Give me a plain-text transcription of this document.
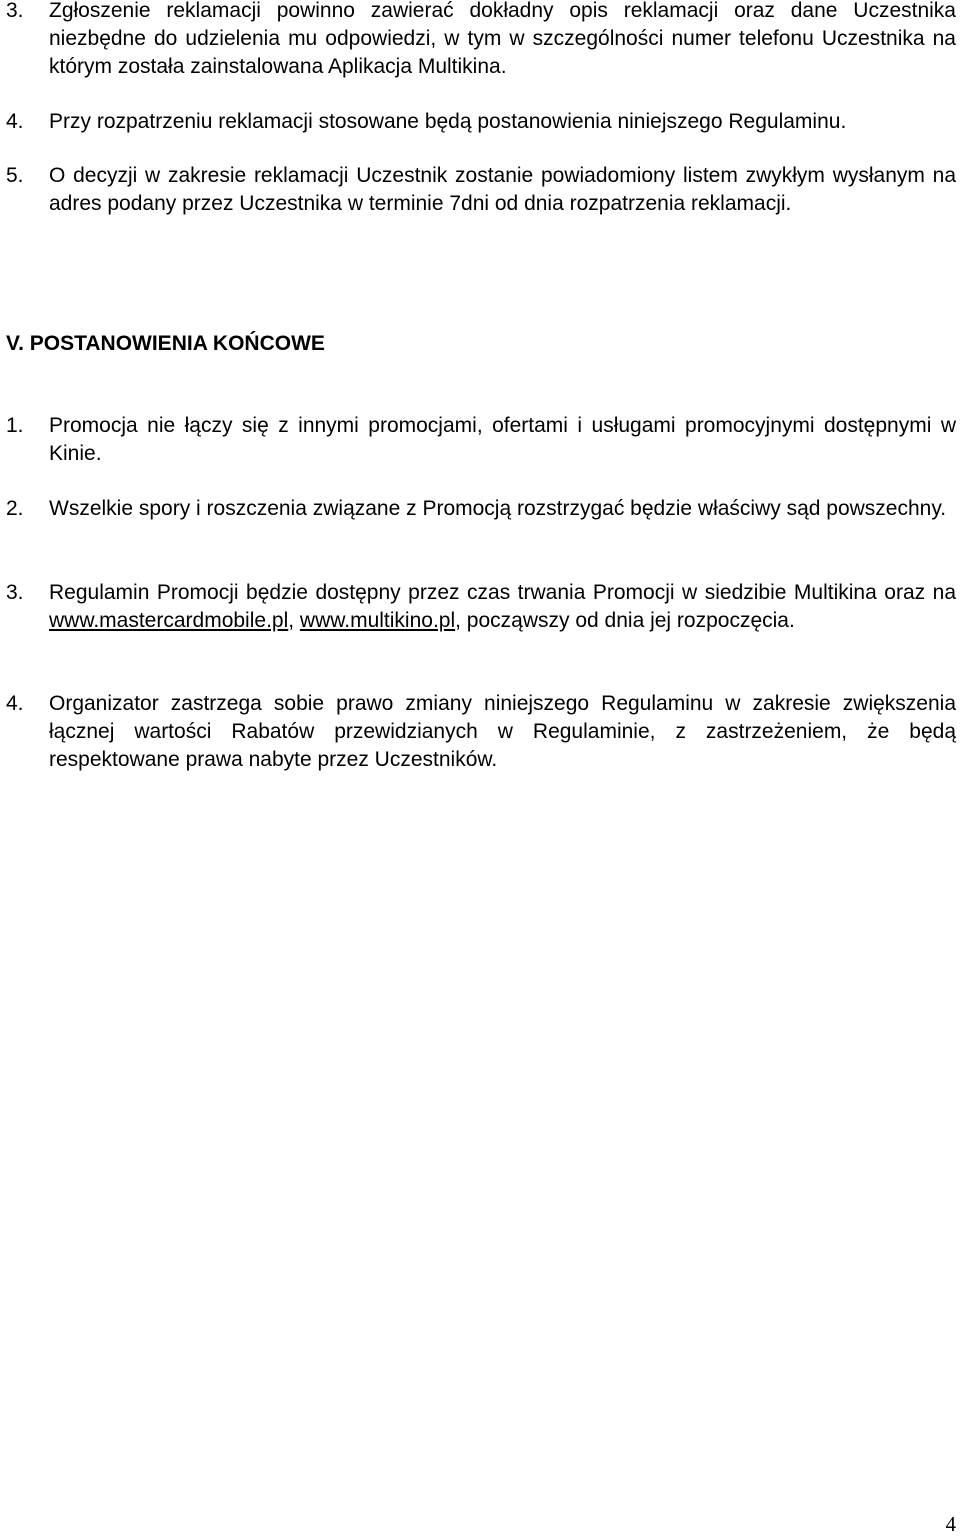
3.	Zgłoszenie reklamacji powinno zawierać dokładny opis reklamacji oraz dane Uczestnika niezbędne do udzielenia mu odpowiedzi, w tym w szczególności numer telefonu Uczestnika na którym została zainstalowana Aplikacja Multikina.
4.	Przy rozpatrzeniu reklamacji stosowane będą postanowienia niniejszego Regulaminu.
5.	O decyzji w zakresie reklamacji Uczestnik zostanie powiadomiony listem zwykłym wysłanym na adres podany przez Uczestnika w terminie 7dni od dnia rozpatrzenia reklamacji.
V. POSTANOWIENIA KOŃCOWE
1.	Promocja nie łączy się z innymi promocjami, ofertami i usługami promocyjnymi dostępnymi w Kinie.
2.	Wszelkie spory i roszczenia związane z Promocją rozstrzygać będzie właściwy sąd powszechny.
3.	Regulamin Promocji będzie dostępny przez czas trwania Promocji w siedzibie Multikina oraz na www.mastercardmobile.pl, www.multikino.pl, począwszy od dnia jej rozpoczęcia.
4.	Organizator zastrzega sobie prawo zmiany niniejszego Regulaminu w zakresie zwiększenia łącznej wartości Rabatów przewidzianych w Regulaminie, z zastrzeżeniem, że będą respektowane prawa nabyte przez Uczestników.
4
